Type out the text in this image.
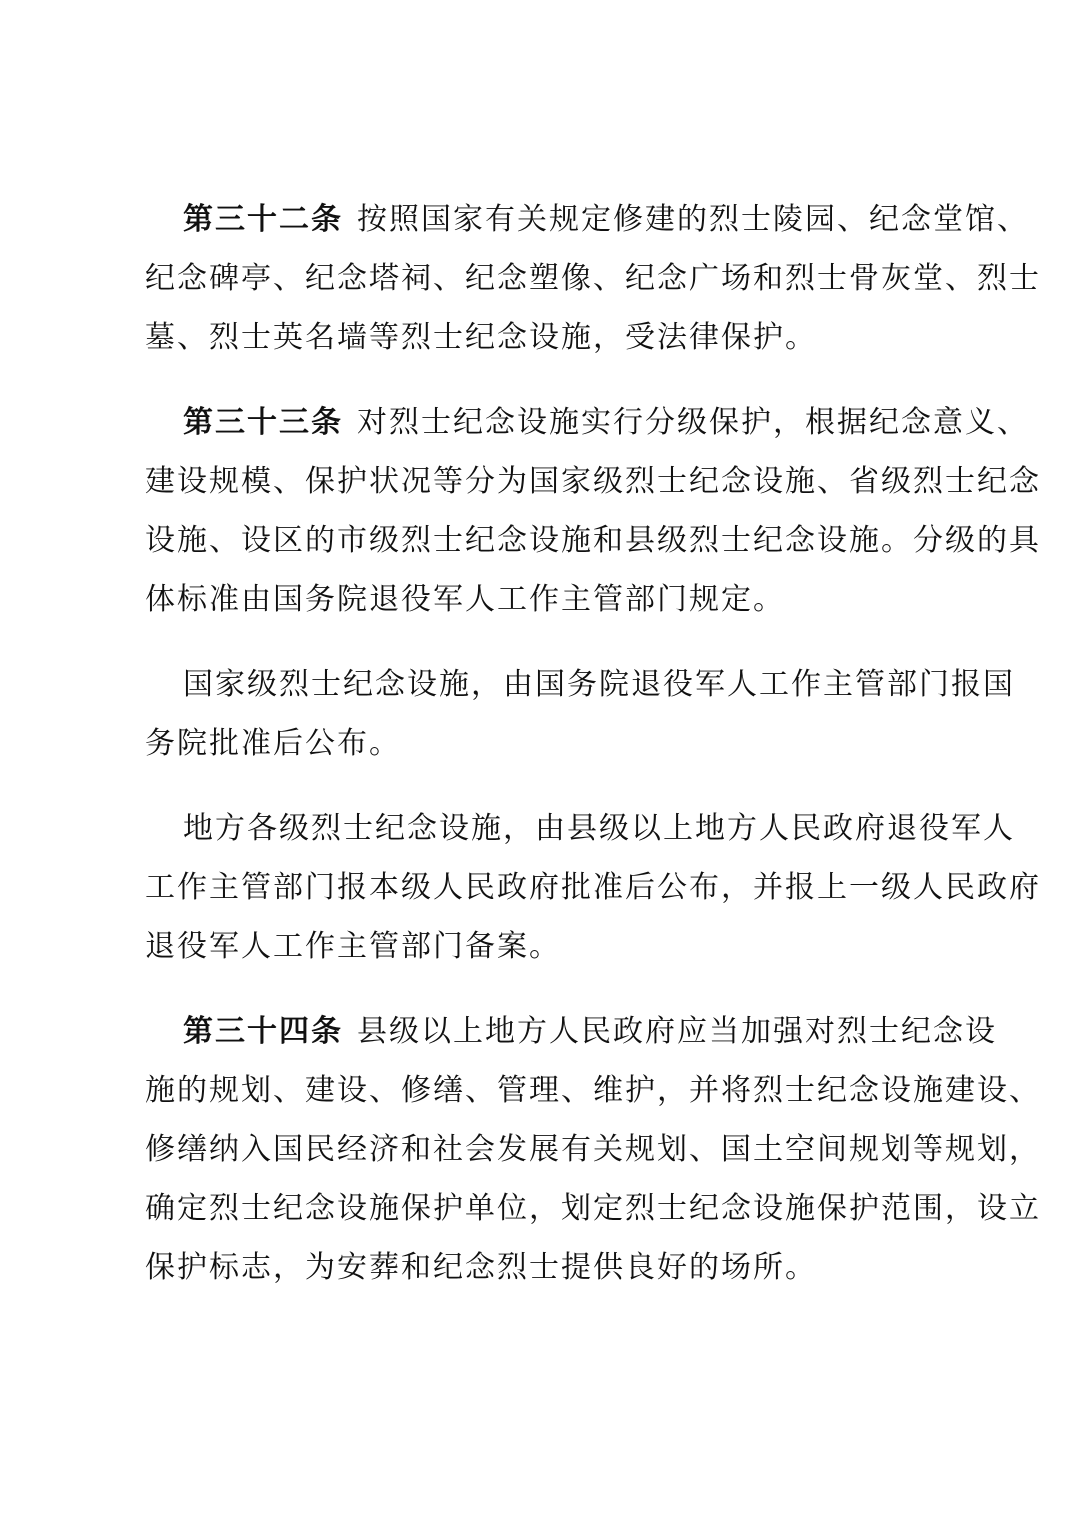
第三十二条 按照国家有关规定修建的烈士陵园、纪念堂馆、
纪念碑亭、纪念塔祠、纪念塑像、纪念广场和烈士骨灰堂、烈士
墓、烈士英名墙等烈士纪念设施，受法律保护。

第三十三条 对烈士纪念设施实行分级保护，根据纪念意义、
建设规模、保护状况等分为国家级烈士纪念设施、省级烈士纪念
设施、设区的市级烈士纪念设施和县级烈士纪念设施。分级的具
体标准由国务院退役军人工作主管部门规定。

国家级烈士纪念设施，由国务院退役军人工作主管部门报国
务院批准后公布。

地方各级烈士纪念设施，由县级以上地方人民政府退役军人
工作主管部门报本级人民政府批准后公布，并报上一级人民政府
退役军人工作主管部门备案。

第三十四条 县级以上地方人民政府应当加强对烈士纪念设
施的规划、建设、修缮、管理、维护，并将烈士纪念设施建设、
修缮纳入国民经济和社会发展有关规划、国土空间规划等规划，
确定烈士纪念设施保护单位，划定烈士纪念设施保护范围，设立
保护标志，为安葬和纪念烈士提供良好的场所。
